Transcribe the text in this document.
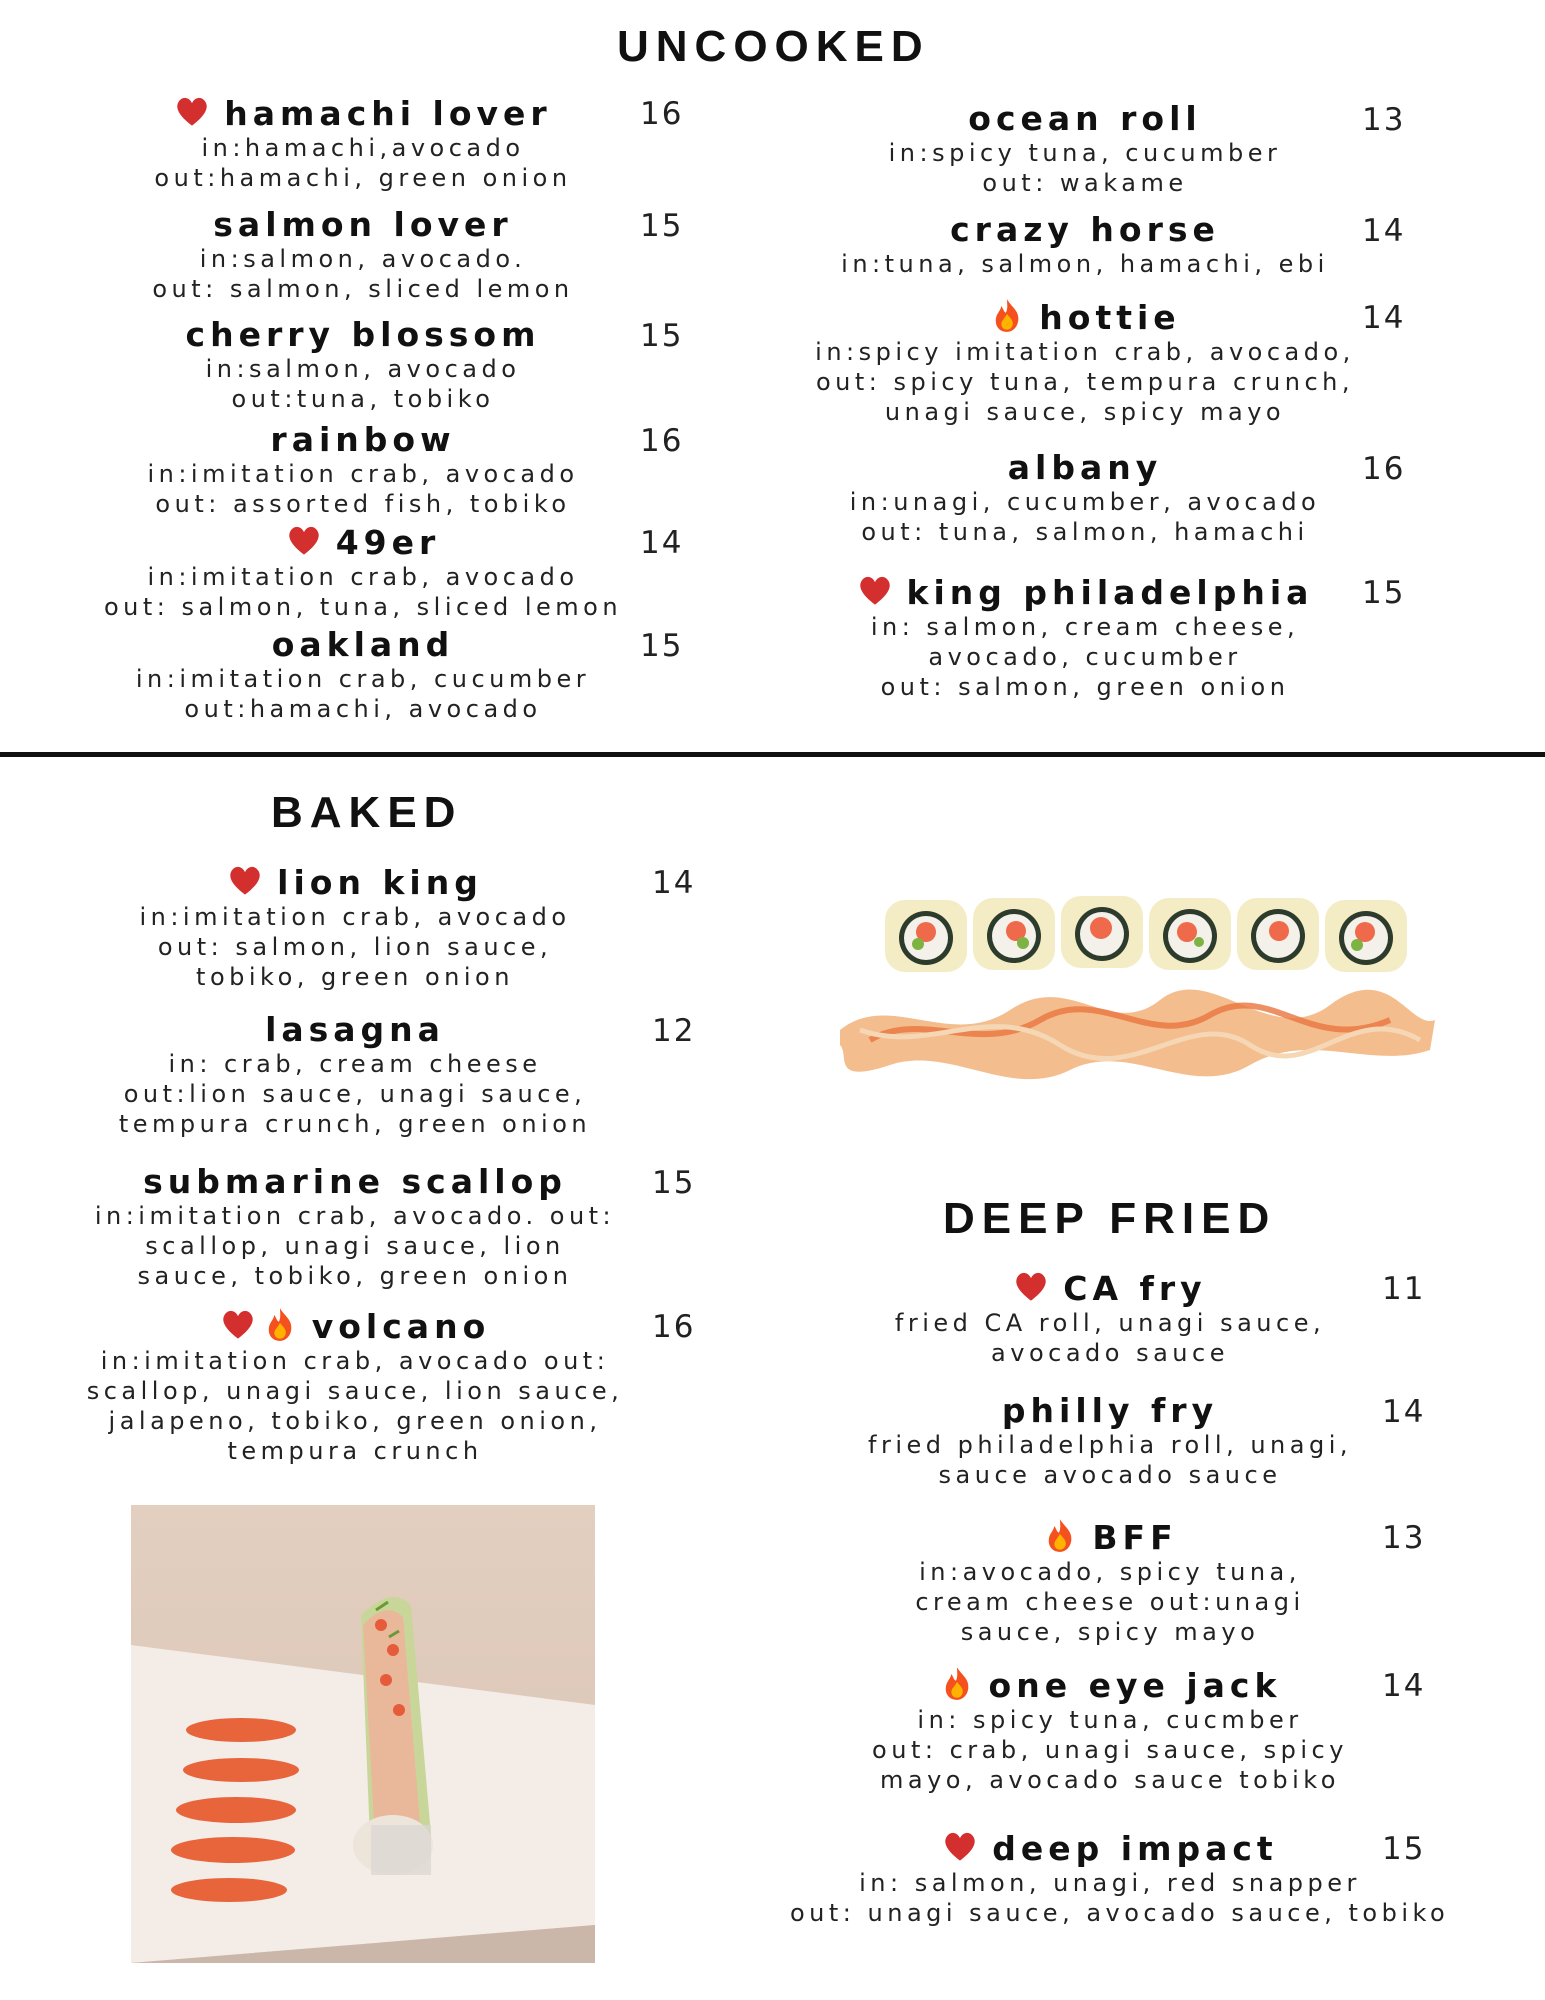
UNCOOKED
BAKED
DEEP FRIED
hamachi lover
in:hamachi,avocado
out:hamachi, green onion
16
salmon lover
in:salmon, avocado.
out: salmon, sliced lemon
15
cherry blossom
in:salmon, avocado
out:tuna, tobiko
15
rainbow
in:imitation crab, avocado
out: assorted fish, tobiko
16
49er
in:imitation crab, avocado
out: salmon, tuna, sliced lemon
14
oakland
in:imitation crab, cucumber
out:hamachi, avocado
15
ocean roll
in:spicy tuna, cucumber
out: wakame
13
crazy horse
in:tuna, salmon, hamachi, ebi
14
hottie
in:spicy imitation crab, avocado,
out: spicy tuna, tempura crunch,
unagi sauce, spicy mayo
14
albany
in:unagi, cucumber, avocado
out: tuna, salmon, hamachi
16
king philadelphia
in: salmon, cream cheese,
avocado, cucumber
out: salmon, green onion
15
lion king
in:imitation crab, avocado
out: salmon, lion sauce,
tobiko, green onion
14
lasagna
in: crab, cream cheese
out:lion sauce, unagi sauce,
tempura crunch, green onion
12
submarine scallop
in:imitation crab, avocado. out:
scallop, unagi sauce, lion
sauce, tobiko, green onion
15
volcano
in:imitation crab, avocado out:
scallop, unagi sauce, lion sauce,
jalapeno, tobiko, green onion,
tempura crunch
16
CA fry
fried CA roll, unagi sauce,
avocado sauce
11
philly fry
fried philadelphia roll, unagi,
sauce avocado sauce
14
BFF
in:avocado, spicy tuna,
cream cheese out:unagi
sauce, spicy mayo
13
one eye jack
in: spicy tuna, cucmber
out: crab, unagi sauce, spicy
mayo, avocado sauce tobiko
14
deep impact
in: salmon, unagi, red snapper
out: unagi sauce, avocado sauce, tobiko
15
